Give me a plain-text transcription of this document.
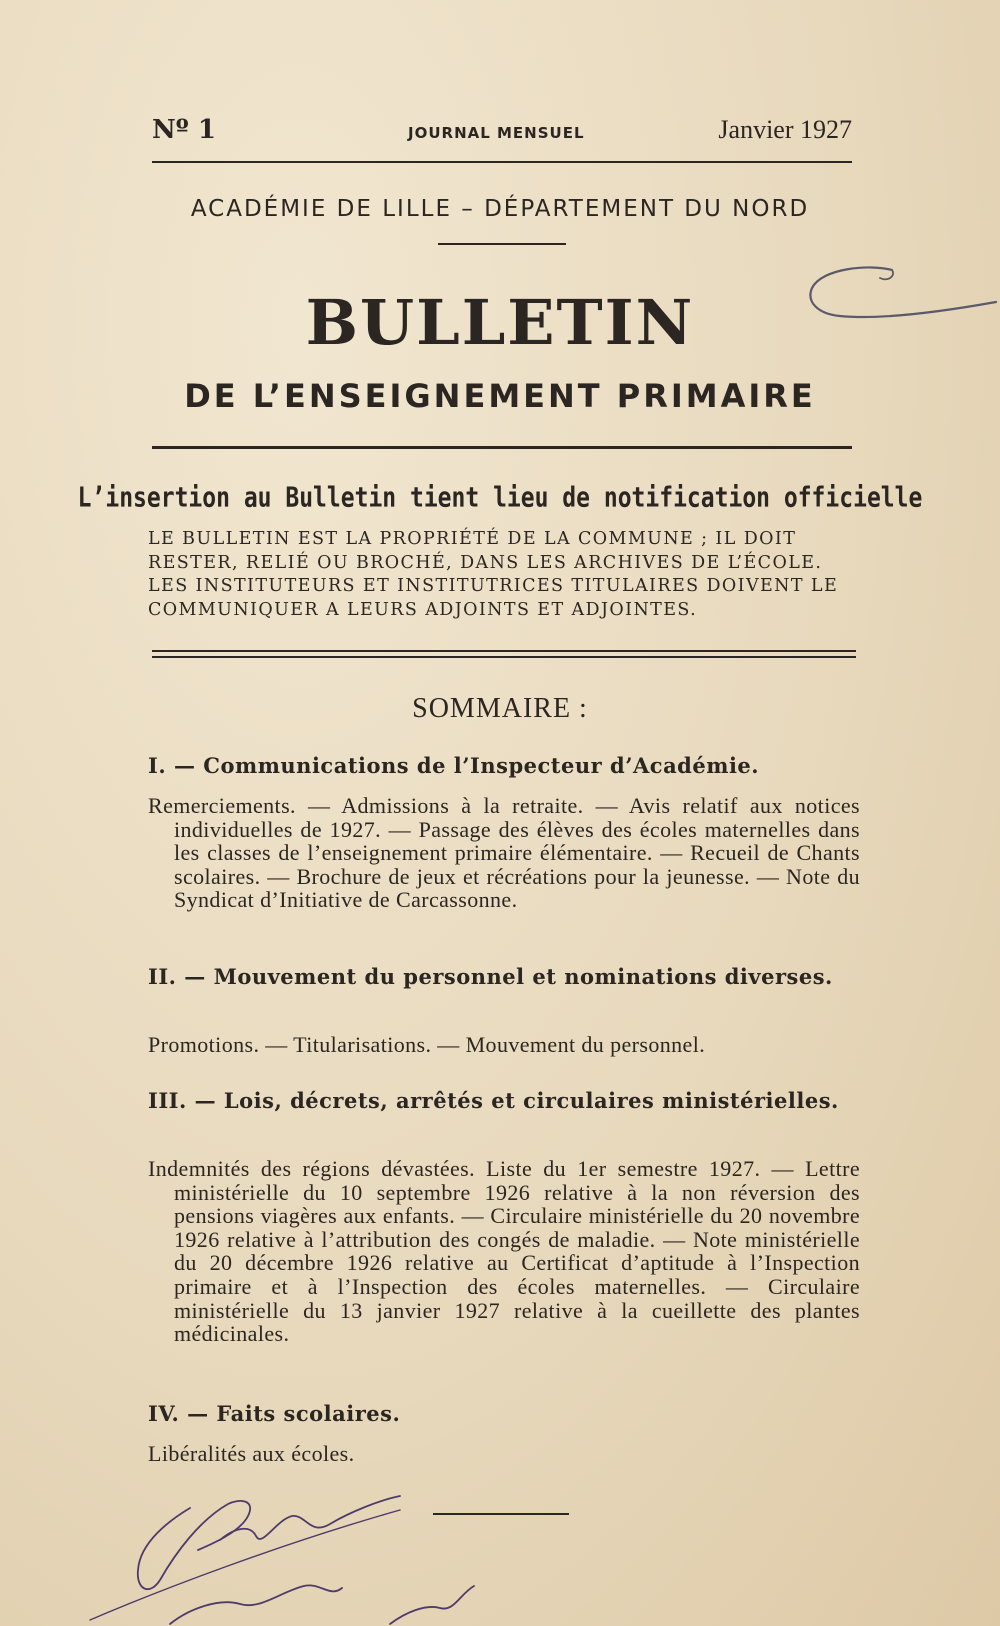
Nº 1	JOURNAL MENSUEL	Janvier 1927
ACADÉMIE DE LILLE – DÉPARTEMENT DU NORD
BULLETIN
DE L’ENSEIGNEMENT PRIMAIRE
L’insertion au Bulletin tient lieu de notification officielle
LE BULLETIN EST LA PROPRIÉTÉ DE LA COMMUNE ; IL DOIT RESTER, RELIÉ OU BROCHÉ, DANS LES ARCHIVES DE L’ÉCOLE. LES INSTITUTEURS ET INSTITUTRICES TITULAIRES DOIVENT LE COMMUNIQUER A LEURS ADJOINTS ET ADJOINTES.
SOMMAIRE :
I. — Communications de l’Inspecteur d’Académie.
Remerciements. — Admissions à la retraite. — Avis relatif aux notices individuelles de 1927. — Passage des élèves des écoles maternelles dans les classes de l’enseignement primaire élémentaire. — Recueil de Chants scolaires. — Brochure de jeux et récréations pour la jeunesse. — Note du Syndicat d’Initiative de Carcassonne.
II. — Mouvement du personnel et nominations diverses.
Promotions. — Titularisations. — Mouvement du personnel.
III. — Lois, décrets, arrêtés et circulaires ministérielles.
Indemnités des régions dévastées. Liste du 1er semestre 1927. — Lettre ministérielle du 10 septembre 1926 relative à la non réversion des pensions viagères aux enfants. — Circulaire ministérielle du 20 novembre 1926 relative à l’attribution des congés de maladie. — Note ministérielle du 20 décembre 1926 relative au Certificat d’aptitude à l’Inspection primaire et à l’Inspection des écoles maternelles. — Circulaire ministérielle du 13 janvier 1927 relative à la cueillette des plantes médicinales.
IV. — Faits scolaires.
Libéralités aux écoles.
